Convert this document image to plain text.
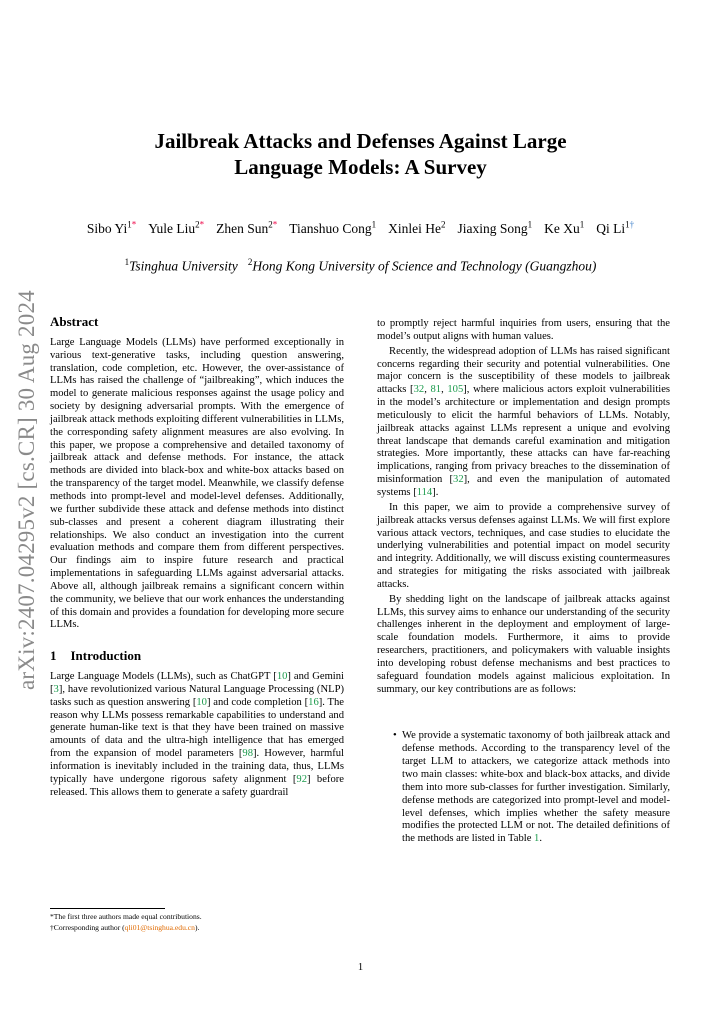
arXiv:2407.04295v2 [cs.CR] 30 Aug 2024
Jailbreak Attacks and Defenses Against Large
Language Models: A Survey
Sibo $Yi^{1*}$ Yule Liu$^{2*}$ Zhen Sun$^{2*}$ Tianshuo Cong$^1$ Xinlei He$^2$ Jiaxing Song$^1$ Ke Xu$^1$ Qi $Li^{1\dagger}$
$^1$Tsinghua University $^2$Hong Kong University of Science and Technology (Guangzhou)
Abstract

Large Language Models (LLMs) have performed exceptionally in various text-generative tasks, including question answering, translation, code completion, etc. However, the over-assistance of LLMs has raised the challenge of “jailbreaking”, which induces the model to generate malicious responses against the usage policy and society by designing adversarial prompts. With the emergence of jailbreak attack methods exploiting different vulnerabilities in LLMs, the corresponding safety alignment measures are also evolving. In this paper, we propose a comprehensive and detailed taxonomy of jailbreak attack and defense methods. For instance, the attack methods are divided into black-box and white-box attacks based on the transparency of the target model. Meanwhile, we classify defense methods into prompt-level and model-level defenses. Additionally, we further subdivide these attack and defense methods into distinct sub-classes and present a coherent diagram illustrating their relationships. We also conduct an investigation into the current evaluation methods and compare them from different perspectives. Our findings aim to inspire future research and practical implementations in safeguarding LLMs against adversarial attacks. Above all, although jailbreak remains a significant concern within the community, we believe that our work enhances the understanding of this domain and provides a foundation for developing more secure LLMs.

1 Introduction

Large Language Models (LLMs), such as ChatGPT [10] and Gemini [3], have revolutionized various Natural Language Processing (NLP) tasks such as question answering [10] and code completion [16]. The reason why LLMs possess remarkable capabilities to understand and generate human-like text is that they have been trained on massive amounts of data and the ultra-high intelligence that has emerged from the expansion of model parameters [98]. However, harmful information is inevitably included in the training data, thus, LLMs typically have undergone rigorous safety alignment [92] before released. This allows them to generate a safety guardrail

to promptly reject harmful inquiries from users, ensuring that the model’s output aligns with human values.

Recently, the widespread adoption of LLMs has raised significant concerns regarding their security and potential vulnerabilities. One major concern is the susceptibility of these models to jailbreak attacks [32, 81, 105], where malicious actors exploit vulnerabilities in the model’s architecture or implementation and design prompts meticulously to elicit the harmful behaviors of LLMs. Notably, jailbreak attacks against LLMs represent a unique and evolving threat landscape that demands careful examination and mitigation strategies. More importantly, these attacks can have far-reaching implications, ranging from privacy breaches to the dissemination of misinformation [32], and even the manipulation of automated systems [114].

In this paper, we aim to provide a comprehensive survey of jailbreak attacks versus defenses against LLMs. We will first explore various attack vectors, techniques, and case studies to elucidate the underlying vulnerabilities and potential impact on model security and integrity. Additionally, we will discuss existing countermeasures and strategies for mitigating the risks associated with jailbreak attacks.

By shedding light on the landscape of jailbreak attacks against LLMs, this survey aims to enhance our understanding of the security challenges inherent in the deployment and employment of large-scale foundation models. Furthermore, it aims to provide researchers, practitioners, and policymakers with valuable insights into developing robust defense mechanisms and best practices to safeguard foundation models against malicious exploitation. In summary, our key contributions are as follows:

• We provide a systematic taxonomy of both jailbreak attack and defense methods. According to the transparency level of the target LLM to attackers, we categorize attack methods into two main classes: white-box and black-box attacks, and divide them into more sub-classes for further investigation. Similarly, defense methods are categorized into prompt-level and model-level defenses, which implies whether the safety measure modifies the protected LLM or not. The detailed definitions of the methods are listed in Table 1.

*The first three authors made equal contributions.
†Corresponding author (qli01@tsinghua.edu.cn).
1
